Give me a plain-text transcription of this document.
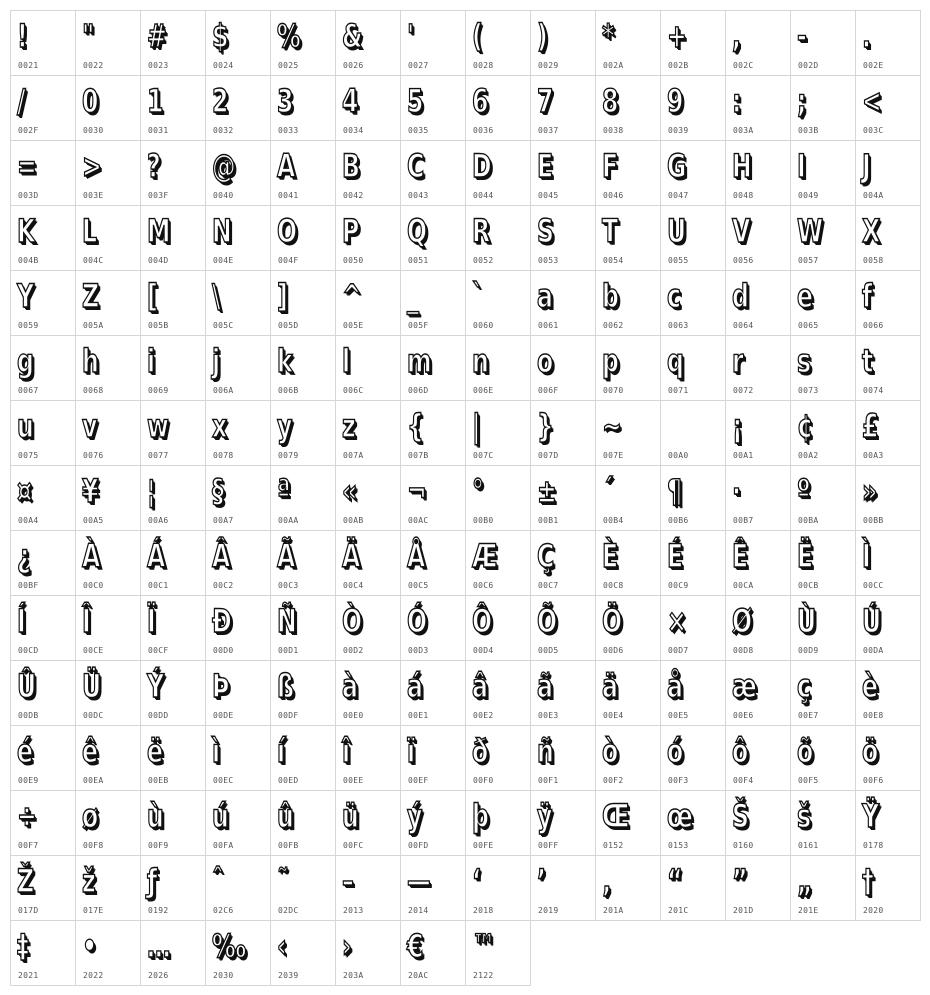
!
0021
"
0022
#
0023
$
0024
%
0025
&
0026
'
0027
(
0028
)
0029
*
002A
+
002B
,
002C
-
002D
.
002E
/
002F
0
0030
1
0031
2
0032
3
0033
4
0034
5
0035
6
0036
7
0037
8
0038
9
0039
:
003A
;
003B
<
003C
=
003D
>
003E
?
003F
@
0040
A
0041
B
0042
C
0043
D
0044
E
0045
F
0046
G
0047
H
0048
I
0049
J
004A
K
004B
L
004C
M
004D
N
004E
O
004F
P
0050
Q
0051
R
0052
S
0053
T
0054
U
0055
V
0056
W
0057
X
0058
Y
0059
Z
005A
[
005B
\
005C
]
005D
^
005E
_
005F
`
0060
a
0061
b
0062
c
0063
d
0064
e
0065
f
0066
g
0067
h
0068
i
0069
j
006A
k
006B
l
006C
m
006D
n
006E
o
006F
p
0070
q
0071
r
0072
s
0073
t
0074
u
0075
v
0076
w
0077
x
0078
y
0079
z
007A
{
007B
|
007C
}
007D
~
007E
	00A0
¡
00A1
¢
00A2
£
00A3
¤
00A4
¥
00A5
¦
00A6
§
00A7
ª
00AA
«
00AB
¬
00AC
°
00B0
±
00B1
´
00B4
¶
00B6
·
00B7
º
00BA
»
00BB
¿
00BF
À
00C0
Á
00C1
Â
00C2
Ã
00C3
Ä
00C4
Å
00C5
Æ
00C6
Ç
00C7
È
00C8
É
00C9
Ê
00CA
Ë
00CB
Ì
00CC
Í
00CD
Î
00CE
Ï
00CF
Ð
00D0
Ñ
00D1
Ò
00D2
Ó
00D3
Ô
00D4
Õ
00D5
Ö
00D6
×
00D7
Ø
00D8
Ù
00D9
Ú
00DA
Û
00DB
Ü
00DC
Ý
00DD
Þ
00DE
ß
00DF
à
00E0
á
00E1
â
00E2
ã
00E3
ä
00E4
å
00E5
æ
00E6
ç
00E7
è
00E8
é
00E9
ê
00EA
ë
00EB
ì
00EC
í
00ED
î
00EE
ï
00EF
ð
00F0
ñ
00F1
ò
00F2
ó
00F3
ô
00F4
õ
00F5
ö
00F6
÷
00F7
ø
00F8
ù
00F9
ú
00FA
û
00FB
ü
00FC
ý
00FD
þ
00FE
ÿ
00FF
Œ
0152
œ
0153
Š
0160
š
0161
Ÿ
0178
Ž
017D
ž
017E
ƒ
0192
ˆ
02C6
˜
02DC
–
2013
—
2014
‘
2018
’
2019
‚
201A
“
201C
”
201D
„
201E
†
2020
‡
2021
•
2022
…
2026
‰
2030
‹
2039
›
203A
€
20AC
™
2122
